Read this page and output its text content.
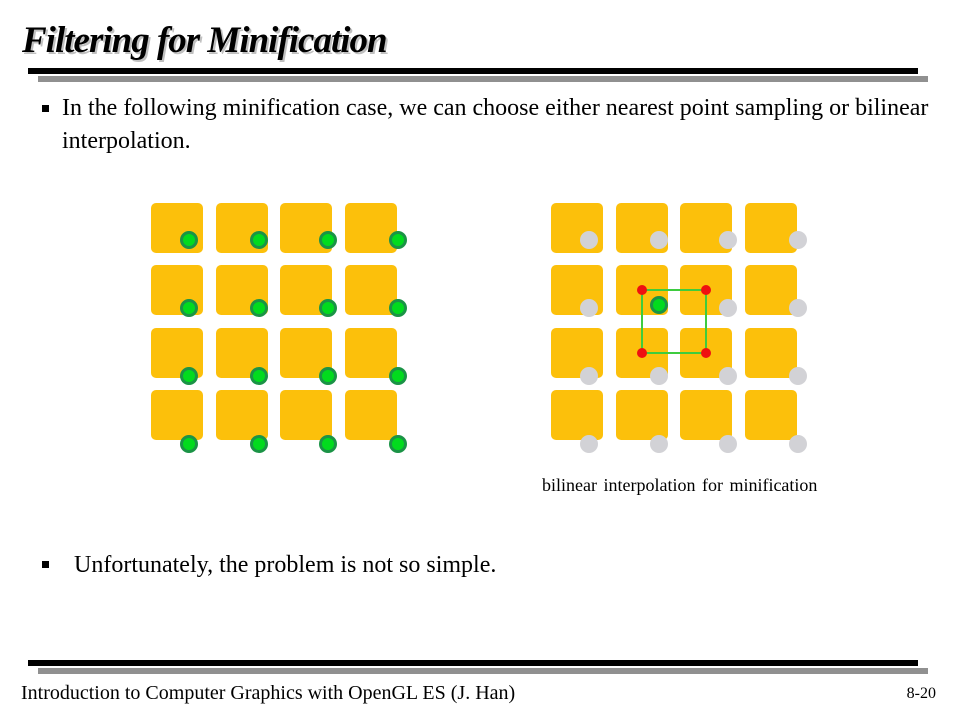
Filtering for Minification
In the following minification case, we can choose either nearest point sampling or bilinear interpolation.
bilinear interpolation for minification
Unfortunately, the problem is not so simple.
Introduction to Computer Graphics with OpenGL ES (J. Han)	8-20
